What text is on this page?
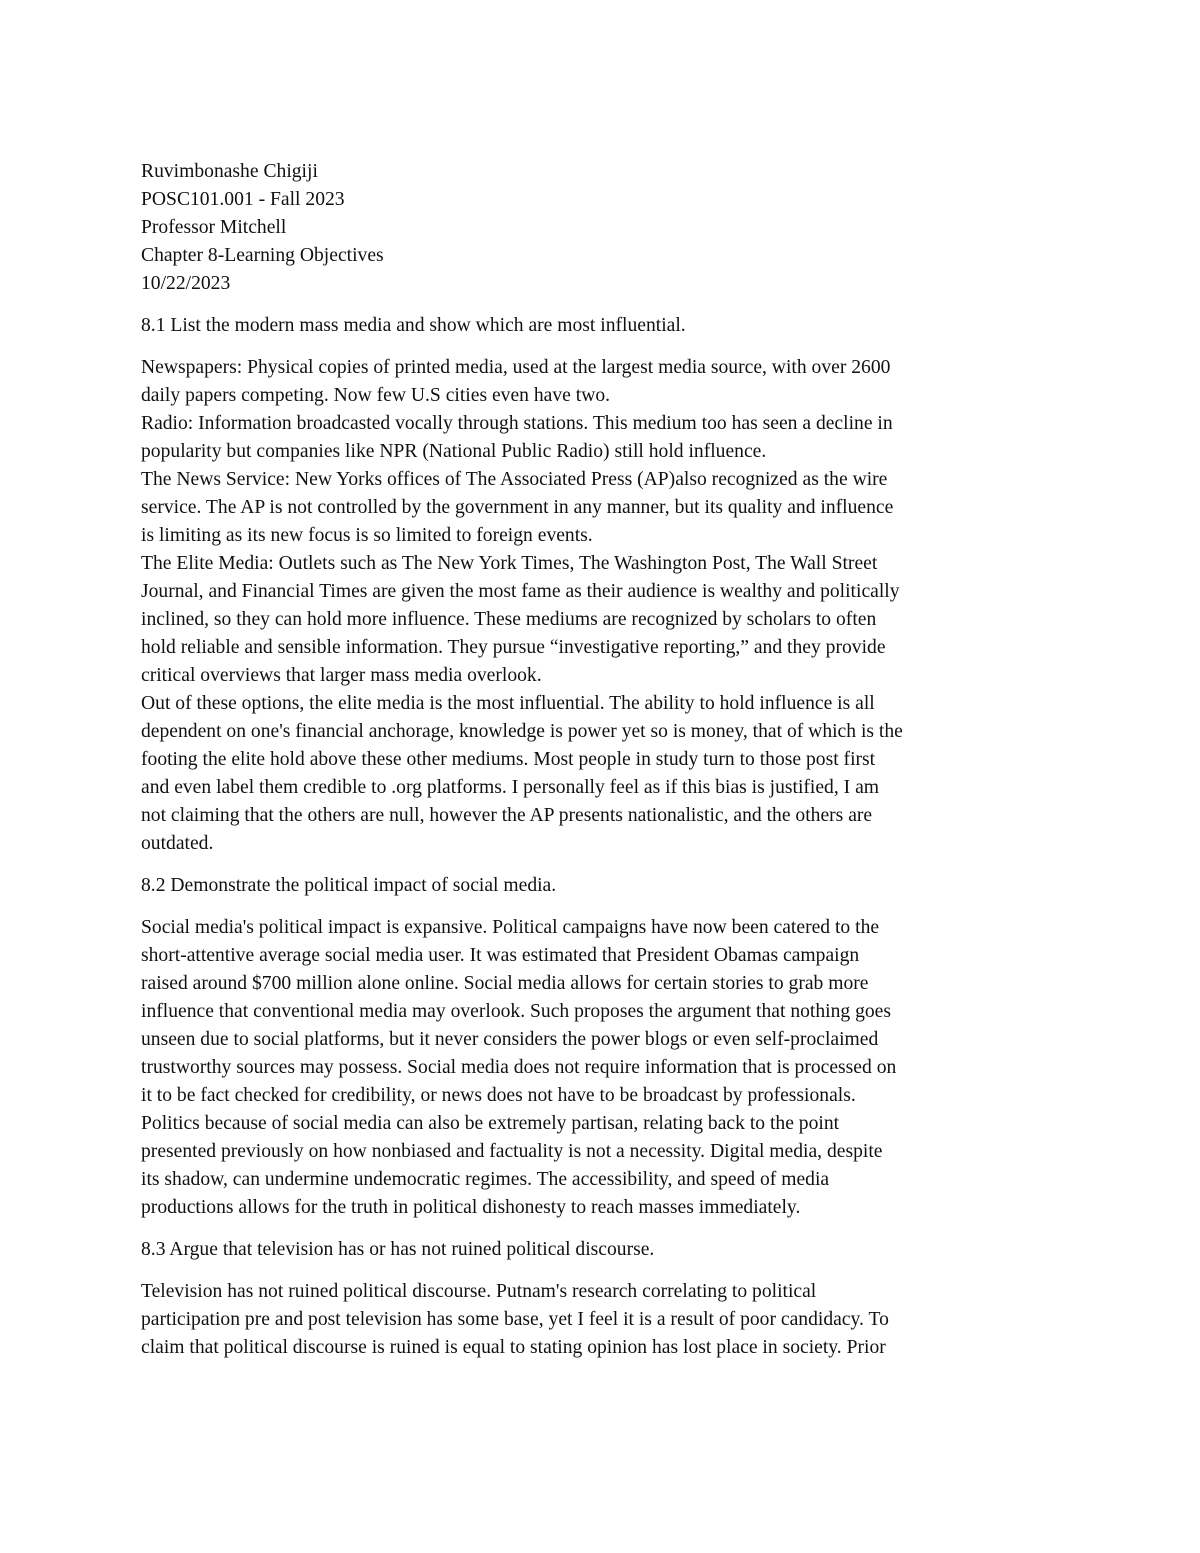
Ruvimbonashe Chigiji
POSC101.001 - Fall 2023
Professor Mitchell
Chapter 8-Learning Objectives
10/22/2023
8.1 List the modern mass media and show which are most influential.
Newspapers: Physical copies of printed media, used at the largest media source, with over 2600
daily papers competing. Now few U.S cities even have two.
Radio: Information broadcasted vocally through stations. This medium too has seen a decline in
popularity but companies like NPR (National Public Radio) still hold influence.
The News Service: New Yorks offices of The Associated Press (AP)also recognized as the wire
service. The AP is not controlled by the government in any manner, but its quality and influence
is limiting as its new focus is so limited to foreign events.
The Elite Media: Outlets such as The New York Times, The Washington Post, The Wall Street
Journal, and Financial Times are given the most fame as their audience is wealthy and politically
inclined, so they can hold more influence. These mediums are recognized by scholars to often
hold reliable and sensible information. They pursue “investigative reporting,” and they provide
critical overviews that larger mass media overlook.
Out of these options, the elite media is the most influential. The ability to hold influence is all
dependent on one's financial anchorage, knowledge is power yet so is money, that of which is the
footing the elite hold above these other mediums. Most people in study turn to those post first
and even label them credible to .org platforms. I personally feel as if this bias is justified, I am
not claiming that the others are null, however the AP presents nationalistic, and the others are
outdated.
8.2 Demonstrate the political impact of social media.
Social media's political impact is expansive. Political campaigns have now been catered to the
short-attentive average social media user. It was estimated that President Obamas campaign
raised around $700 million alone online. Social media allows for certain stories to grab more
influence that conventional media may overlook. Such proposes the argument that nothing goes
unseen due to social platforms, but it never considers the power blogs or even self-proclaimed
trustworthy sources may possess. Social media does not require information that is processed on
it to be fact checked for credibility, or news does not have to be broadcast by professionals.
Politics because of social media can also be extremely partisan, relating back to the point
presented previously on how nonbiased and factuality is not a necessity. Digital media, despite
its shadow, can undermine undemocratic regimes. The accessibility, and speed of media
productions allows for the truth in political dishonesty to reach masses immediately.
8.3 Argue that television has or has not ruined political discourse.
Television has not ruined political discourse. Putnam's research correlating to political
participation pre and post television has some base, yet I feel it is a result of poor candidacy. To
claim that political discourse is ruined is equal to stating opinion has lost place in society. Prior
